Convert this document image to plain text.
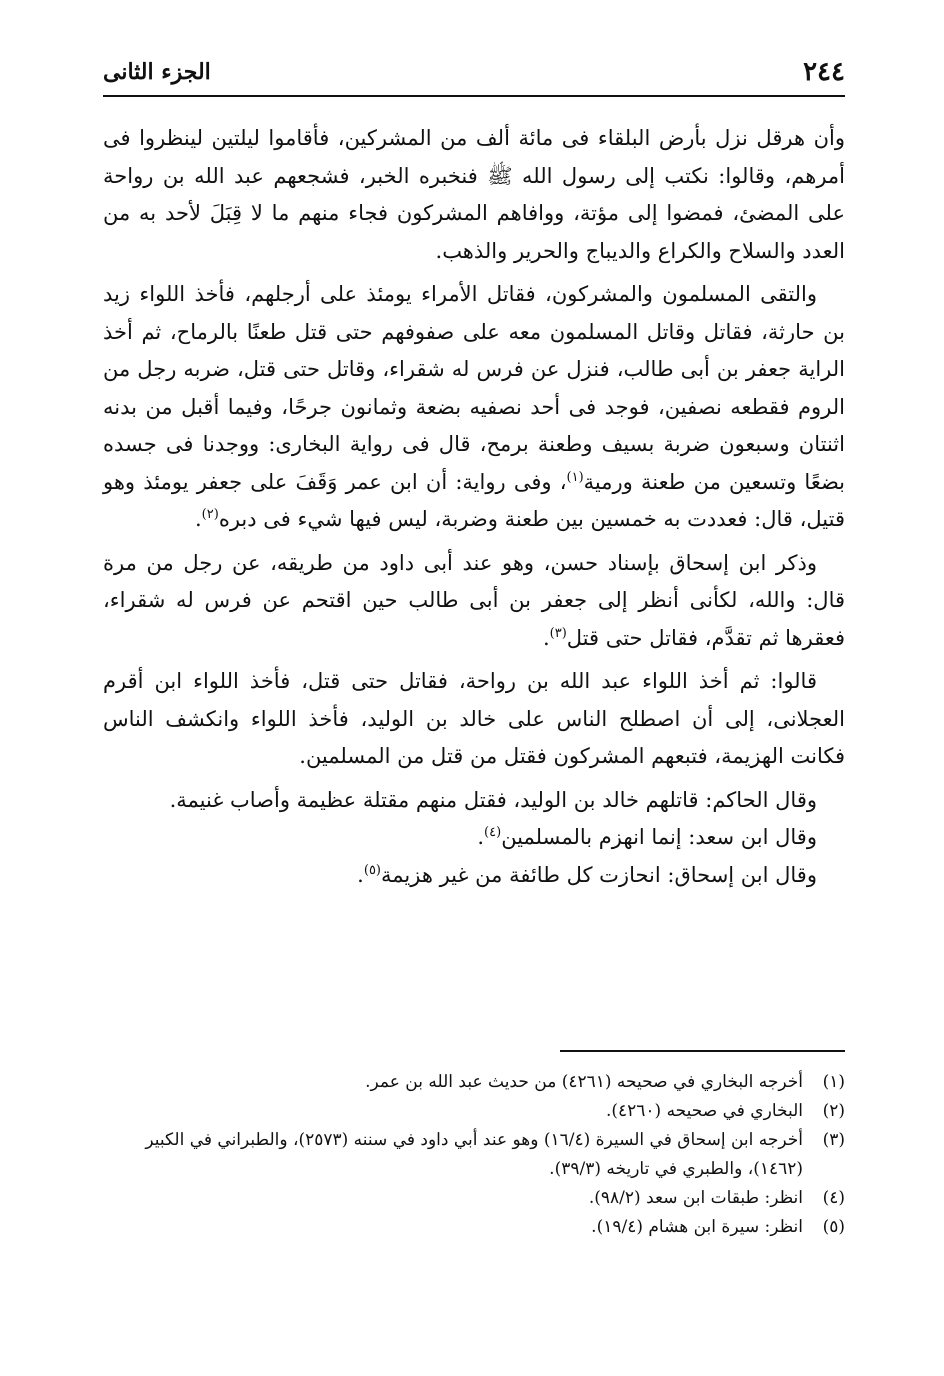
٢٤٤
الجزء الثانى

وأن هرقل نزل بأرض البلقاء فى مائة ألف من المشركين، فأقاموا ليلتين لينظروا فى أمرهم، وقالوا: نكتب إلى رسول الله ﷺ فنخبره الخبر، فشجعهم عبد الله بن رواحة على المضئ، فمضوا إلى مؤتة، ووافاهم المشركون فجاء منهم ما لا قِبَلَ لأحد به من العدد والسلاح والكراع والديباج والحرير والذهب.

والتقى المسلمون والمشركون، فقاتل الأمراء يومئذ على أرجلهم، فأخذ اللواء زيد بن حارثة، فقاتل وقاتل المسلمون معه على صفوفهم حتى قتل طعنًا بالرماح، ثم أخذ الراية جعفر بن أبى طالب، فنزل عن فرس له شقراء، وقاتل حتى قتل، ضربه رجل من الروم فقطعه نصفين، فوجد فى أحد نصفيه بضعة وثمانون جرحًا، وفيما أقبل من بدنه اثنتان وسبعون ضربة بسيف وطعنة برمح، قال فى رواية البخارى: ووجدنا فى جسده بضعًا وتسعين من طعنة ورمية$^{(١)}$، وفى رواية: أن ابن عمر وَقَفَ على جعفر يومئذ وهو قتيل، قال: فعددت به خمسين بين طعنة وضربة، ليس فيها شيء فى دبره$^{(٢)}$.

وذكر ابن إسحاق بإسناد حسن، وهو عند أبى داود من طريقه، عن رجل من مرة قال: والله، لكأنى أنظر إلى جعفر بن أبى طالب حين اقتحم عن فرس له شقراء، فعقرها ثم تقدَّم، فقاتل حتى قتل$^{(٣)}$.

قالوا: ثم أخذ اللواء عبد الله بن رواحة، فقاتل حتى قتل، فأخذ اللواء ابن أقرم العجلانى، إلى أن اصطلح الناس على خالد بن الوليد، فأخذ اللواء وانكشف الناس فكانت الهزيمة، فتبعهم المشركون فقتل من قتل من المسلمين.

وقال الحاكم: قاتلهم خالد بن الوليد، فقتل منهم مقتلة عظيمة وأصاب غنيمة.

وقال ابن سعد: إنما انهزم بالمسلمين$^{(٤)}$.

وقال ابن إسحاق: انحازت كل طائفة من غير هزيمة$^{(٥)}$.

(١)
أخرجه البخاري في صحيحه (٤٢٦١) من حديث عبد الله بن عمر.

(٢)
البخاري في صحيحه (٤٢٦٠).

(٣)
أخرجه ابن إسحاق في السيرة (١٦/٤) وهو عند أبي داود في سننه (٢٥٧٣)، والطبراني في الكبير (١٤٦٢)، والطبري في تاريخه (٣٩/٣).

(٤)
انظر: طبقات ابن سعد (٩٨/٢).

(٥)
انظر: سيرة ابن هشام (١٩/٤).
